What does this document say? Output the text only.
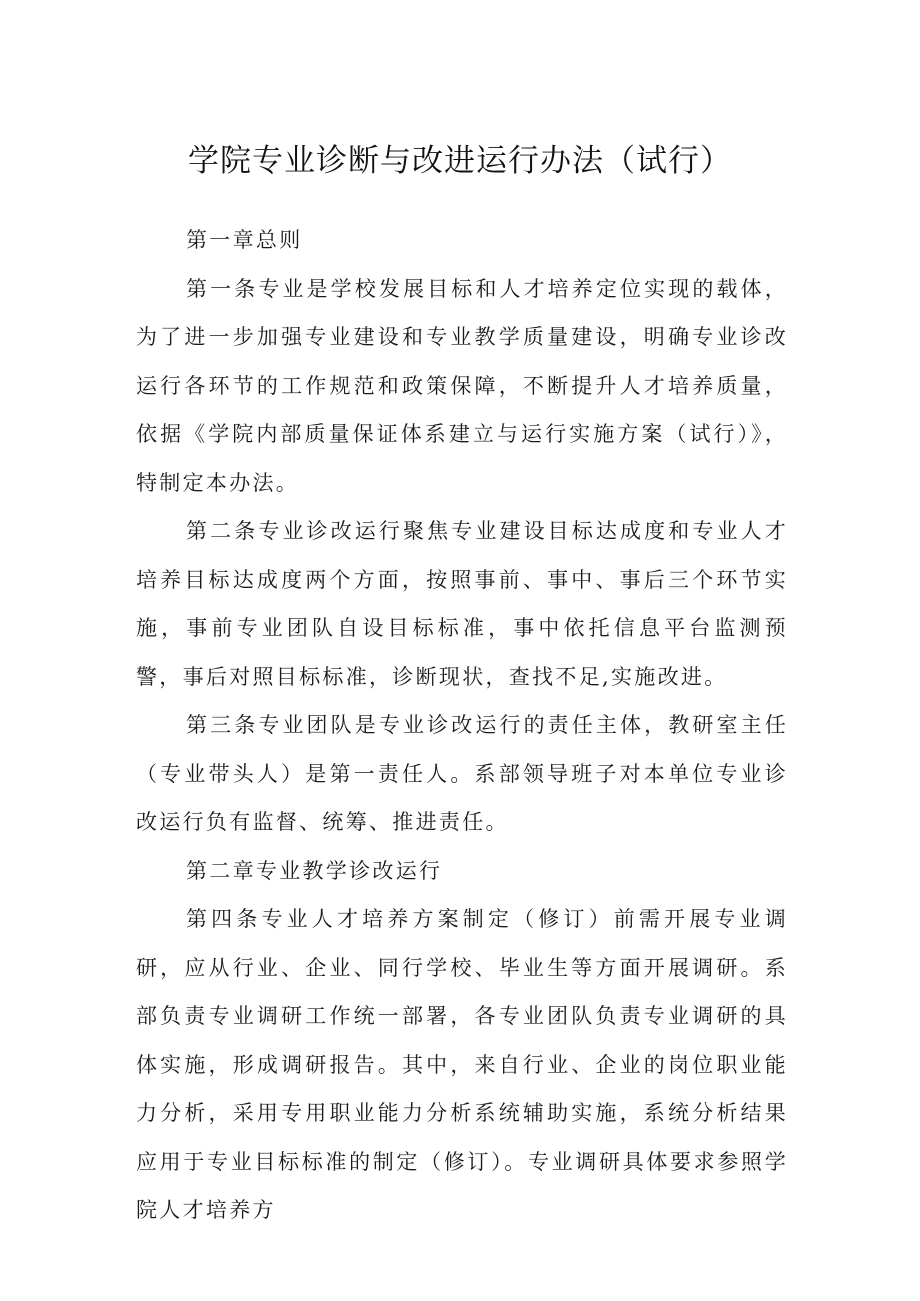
学院专业诊断与改进运行办法（试行）

第一章总则

第一条专业是学校发展目标和人才培养定位实现的载体，为了进一步加强专业建设和专业教学质量建设，明确专业诊改运行各环节的工作规范和政策保障，不断提升人才培养质量，依据《学院内部质量保证体系建立与运行实施方案（试行）》，特制定本办法。

第二条专业诊改运行聚焦专业建设目标达成度和专业人才培养目标达成度两个方面，按照事前、事中、事后三个环节实施，事前专业团队自设目标标准，事中依托信息平台监测预警，事后对照目标标准，诊断现状，查找不足,实施改进。

第三条专业团队是专业诊改运行的责任主体，教研室主任（专业带头人）是第一责任人。系部领导班子对本单位专业诊改运行负有监督、统筹、推进责任。

第二章专业教学诊改运行

第四条专业人才培养方案制定（修订）前需开展专业调研，应从行业、企业、同行学校、毕业生等方面开展调研。系部负责专业调研工作统一部署，各专业团队负责专业调研的具体实施，形成调研报告。其中，来自行业、企业的岗位职业能力分析，采用专用职业能力分析系统辅助实施，系统分析结果应用于专业目标标准的制定（修订）。专业调研具体要求参照学院人才培养方
